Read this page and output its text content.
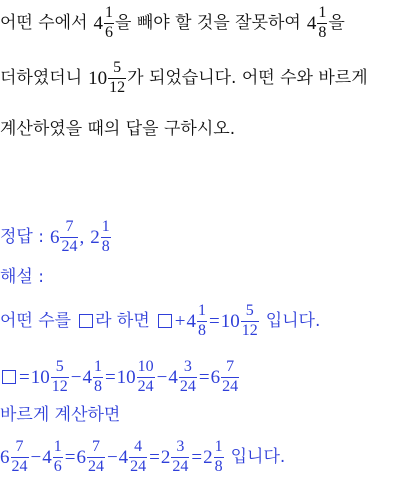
어떤 수에서 $4 \frac{1}{6}$ 을 빼야 할 것을 잘못하여 $4 \frac{1}{8}$ 을
더하였더니 $10 \frac{5}{12}$ 가 되었습니다. 어떤 수와 바르게
계산하였을 때의 답을 구하시오.
정답 : $6 \frac{7}{24}$ , $2 \frac{1}{8}$
해설 :
어떤 수를 라 하면 + $4 \frac{1}{8} = 10 \frac{5}{12}$ 입니다.
= $10 \frac{5}{12} - 4 \frac{1}{8} = 10 \frac{10}{24} - 4 \frac{3}{24} = 6 \frac{7}{24}$
바르게 계산하면
$6 \frac{7}{24} - 4 \frac{1}{6} = 6 \frac{7}{24} - 4 \frac{4}{24} = 2 \frac{3}{24} = 2 \frac{1}{8}$ 입니다.
